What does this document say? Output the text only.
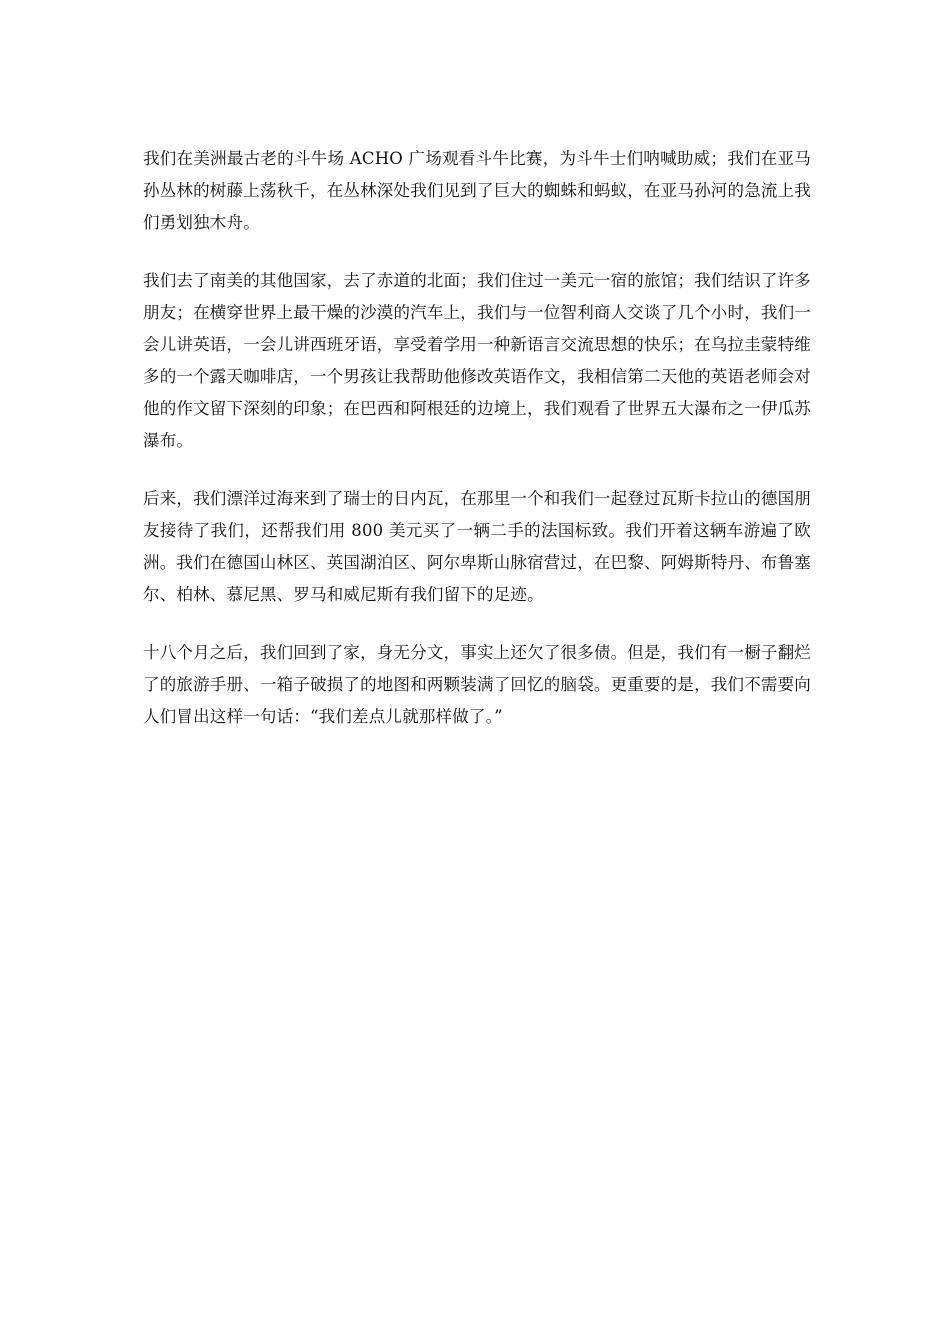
我们在美洲最古老的斗牛场 ACHO 广场观看斗牛比赛，为斗牛士们呐喊助威；我们在亚马孙丛林的树藤上荡秋千，在丛林深处我们见到了巨大的蜘蛛和蚂蚁，在亚马孙河的急流上我们勇划独木舟。

我们去了南美的其他国家，去了赤道的北面；我们住过一美元一宿的旅馆；我们结识了许多朋友；在横穿世界上最干燥的沙漠的汽车上，我们与一位智利商人交谈了几个小时，我们一会儿讲英语，一会儿讲西班牙语，享受着学用一种新语言交流思想的快乐；在乌拉圭蒙特维多的一个露天咖啡店，一个男孩让我帮助他修改英语作文，我相信第二天他的英语老师会对他的作文留下深刻的印象；在巴西和阿根廷的边境上，我们观看了世界五大瀑布之一伊瓜苏瀑布。

后来，我们漂洋过海来到了瑞士的日内瓦，在那里一个和我们一起登过瓦斯卡拉山的德国朋友接待了我们，还帮我们用 800 美元买了一辆二手的法国标致。我们开着这辆车游遍了欧洲。我们在德国山林区、英国湖泊区、阿尔卑斯山脉宿营过，在巴黎、阿姆斯特丹、布鲁塞尔、柏林、慕尼黑、罗马和威尼斯有我们留下的足迹。

十八个月之后，我们回到了家，身无分文，事实上还欠了很多债。但是，我们有一橱子翻烂了的旅游手册、一箱子破损了的地图和两颗装满了回忆的脑袋。更重要的是，我们不需要向人们冒出这样一句话：“我们差点儿就那样做了。”
